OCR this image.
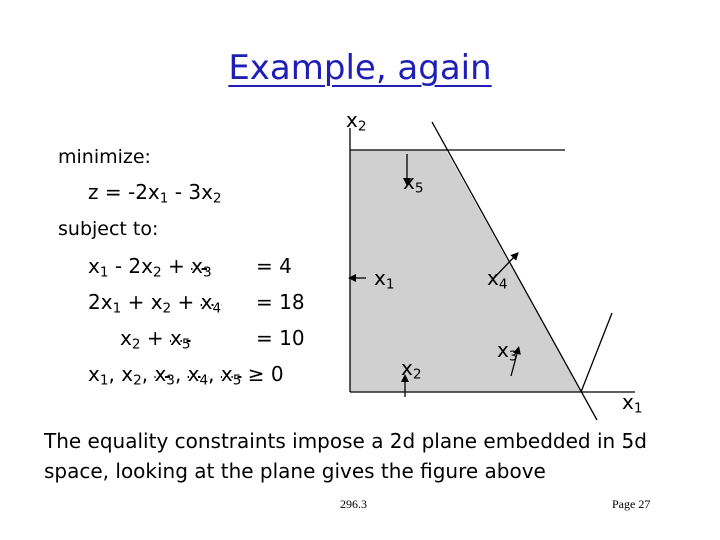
Example, again
minimize:
$z = -2x_1 - 3x_2$
subject to:
$x_1 - 2x_2 + x_3 = 4$
$2x_1 + x_2 + x_4 = 18$
$x_2 + x_5$	= 10
$x_1$, $x_2$, $x_3$, $x_4$, $x_5 \ge 0$
$x_2$
$x_5$
$x_1$	$x_4$
$x_3$
$x_2$
$x_1$
The equality constraints impose a 2d plane embedded in 5d space, looking at the plane gives the figure above
296.3	Page 27
